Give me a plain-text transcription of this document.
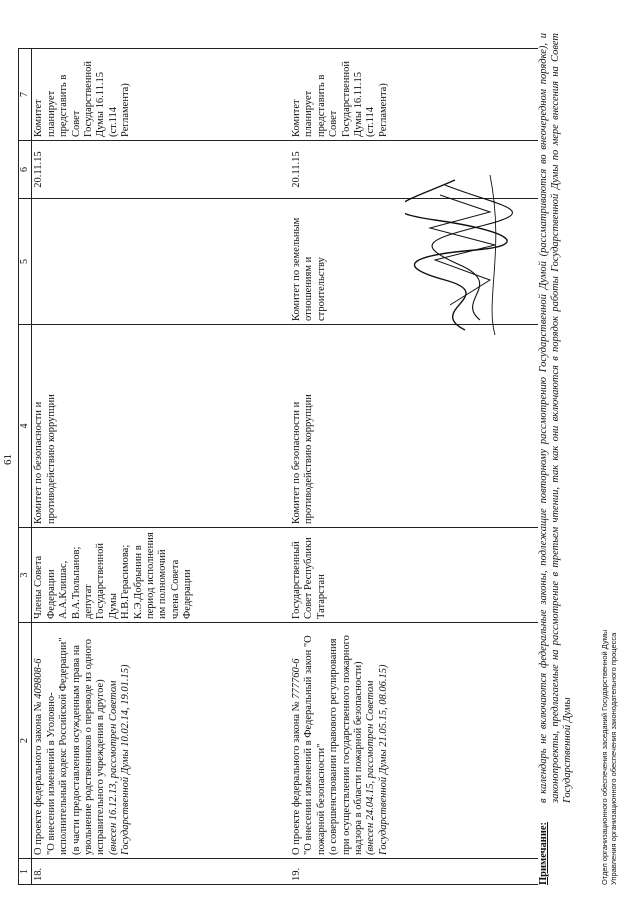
61
1	2	3	4	5	6	7
18.	О проекте федерального закона № 409808-6
"О внесении изменений в Уголовно-исполнительный кодекс Российской Федерации"
(в части предоставления осужденным права на увольнение родственников о переводе из одного исправительного учреждения в другое)
(внесен 16.12.13, рассмотрен Советом Государственной Думы 10.02.14, 19.01.15)	Члены Совета Федерации А.А.Клишас, В.А.Тюльпанов; депутат Государственной Думы Н.В.Герасимова; К.Э.Добрынин в период исполнения им полномочий члена Совета Федерации	Комитет по безопасности и противодействию коррупции		20.11.15	Комитет планирует представить в Совет Государственной Думы 16.11.15 (ст.114 Регламента)
19.	О проекте федерального закона № 777760-6
"О внесении изменений в Федеральный закон "О пожарной безопасности"
(о совершенствовании правового регулирования при осуществлении государственного пожарного надзора в области пожарной безопасности)
(внесен 24.04.15, рассмотрен Советом Государственной Думы 21.05.15, 08.06.15)	Государственный Совет Республики Татарстан	Комитет по безопасности и противодействию коррупции	Комитет по земельным отношениям и строительству	20.11.15	Комитет планирует представить в Совет Государственной Думы 16.11.15 (ст.114 Регламента)
Примечание:
в календарь не включаются федеральные законы, подлежащие повторному рассмотрению Государственной Думой (рассматриваются во внеочередном порядке), и законопроекты, предлагаемые на рассмотрение в третьем чтении, так как они включаются в порядок работы Государственной Думы по мере внесения на Совет Государственной Думы	Отдел организационного обеспечения заседаний Государственной Думы Управления организационного обеспечения законодательного процесса
